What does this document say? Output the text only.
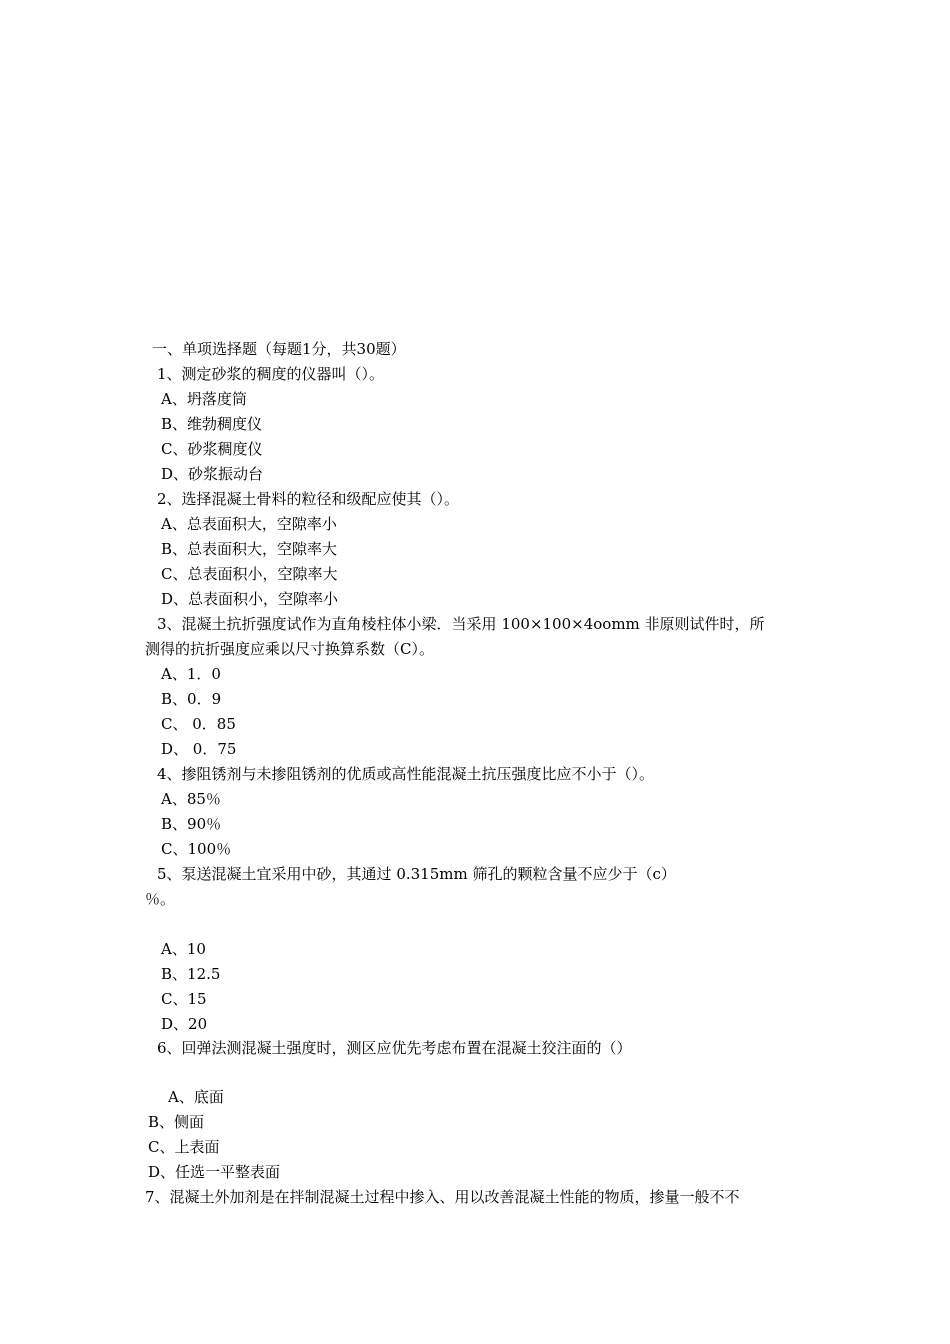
一、单项选择题（每题1分，共30题）
1、测定砂浆的稠度的仪器叫（）。
A、坍落度筒
B、维勃稠度仪
C、砂浆稠度仪
D、砂浆振动台
2、选择混凝土骨料的粒径和级配应使其（）。
A、总表面积大，空隙率小
B、总表面积大，空隙率大
C、总表面积小，空隙率大
D、总表面积小，空隙率小
3、混凝土抗折强度试作为直角棱柱体小梁．当采用 100×100×4oomm 非原则试件时，所
测得的抗折强度应乘以尺寸换算系数（C）。
A、1．0
B、0．9
C、 0．85
D、 0．75
4、掺阻锈剂与未掺阻锈剂的优质或高性能混凝土抗压强度比应不小于（）。
A、85％
B、90％
C、100％
5、泵送混凝土宜采用中砂，其通过 0.315mm 筛孔的颗粒含量不应少于（c）
％。
A、10
B、12.5
C、15
D、20
6、回弹法测混凝土强度时，测区应优先考虑布置在混凝土狡注面的（）
A、底面
B、侧面
C、上表面
D、任选一平整表面
7、混凝土外加剂是在拌制混凝土过程中掺入、用以改善混凝土性能的物质，掺量一般不不
